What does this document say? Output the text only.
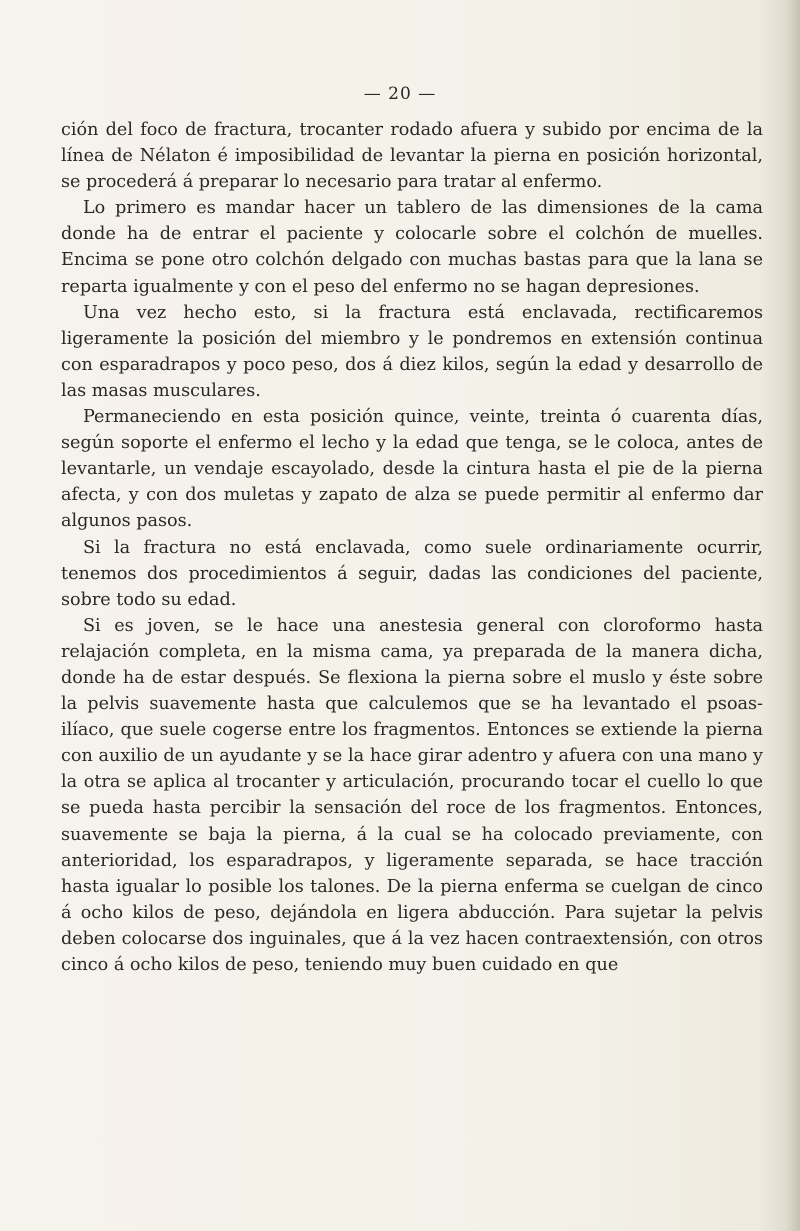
— 20 —

ción del foco de fractura, trocanter rodado afuera y subido por encima de la línea de Nélaton é imposibilidad de levantar la pierna en posición horizontal, se procederá á preparar lo necesario para tratar al enfermo.

Lo primero es mandar hacer un tablero de las dimensiones de la cama donde ha de entrar el paciente y colocarle sobre el colchón de muelles. Encima se pone otro colchón delgado con muchas bastas para que la lana se reparta igualmente y con el peso del enfermo no se hagan depresiones.

Una vez hecho esto, si la fractura está enclavada, rectificaremos ligeramente la posición del miembro y le pondremos en extensión continua con esparadrapos y poco peso, dos á diez kilos, según la edad y desarrollo de las masas musculares.

Permaneciendo en esta posición quince, veinte, treinta ó cuarenta días, según soporte el enfermo el lecho y la edad que tenga, se le coloca, antes de levantarle, un vendaje escayolado, desde la cintura hasta el pie de la pierna afecta, y con dos muletas y zapato de alza se puede permitir al enfermo dar algunos pasos.

Si la fractura no está enclavada, como suele ordinariamente ocurrir, tenemos dos procedimientos á seguir, dadas las condiciones del paciente, sobre todo su edad.

Si es joven, se le hace una anestesia general con cloroformo hasta relajación completa, en la misma cama, ya preparada de la manera dicha, donde ha de estar después. Se flexiona la pierna sobre el muslo y éste sobre la pelvis suavemente hasta que calculemos que se ha levantado el psoas-ilíaco, que suele cogerse entre los fragmentos. Entonces se extiende la pierna con auxilio de un ayudante y se la hace girar adentro y afuera con una mano y la otra se aplica al trocanter y articulación, procurando tocar el cuello lo que se pueda hasta percibir la sensación del roce de los fragmentos. Entonces, suavemente se baja la pierna, á la cual se ha colocado previamente, con anterioridad, los esparadrapos, y ligeramente separada, se hace tracción hasta igualar lo posible los talones. De la pierna enferma se cuelgan de cinco á ocho kilos de peso, dejándola en ligera abducción. Para sujetar la pelvis deben colocarse dos inguinales, que á la vez hacen contraextensión, con otros cinco á ocho kilos de peso, teniendo muy buen cuidado en que
